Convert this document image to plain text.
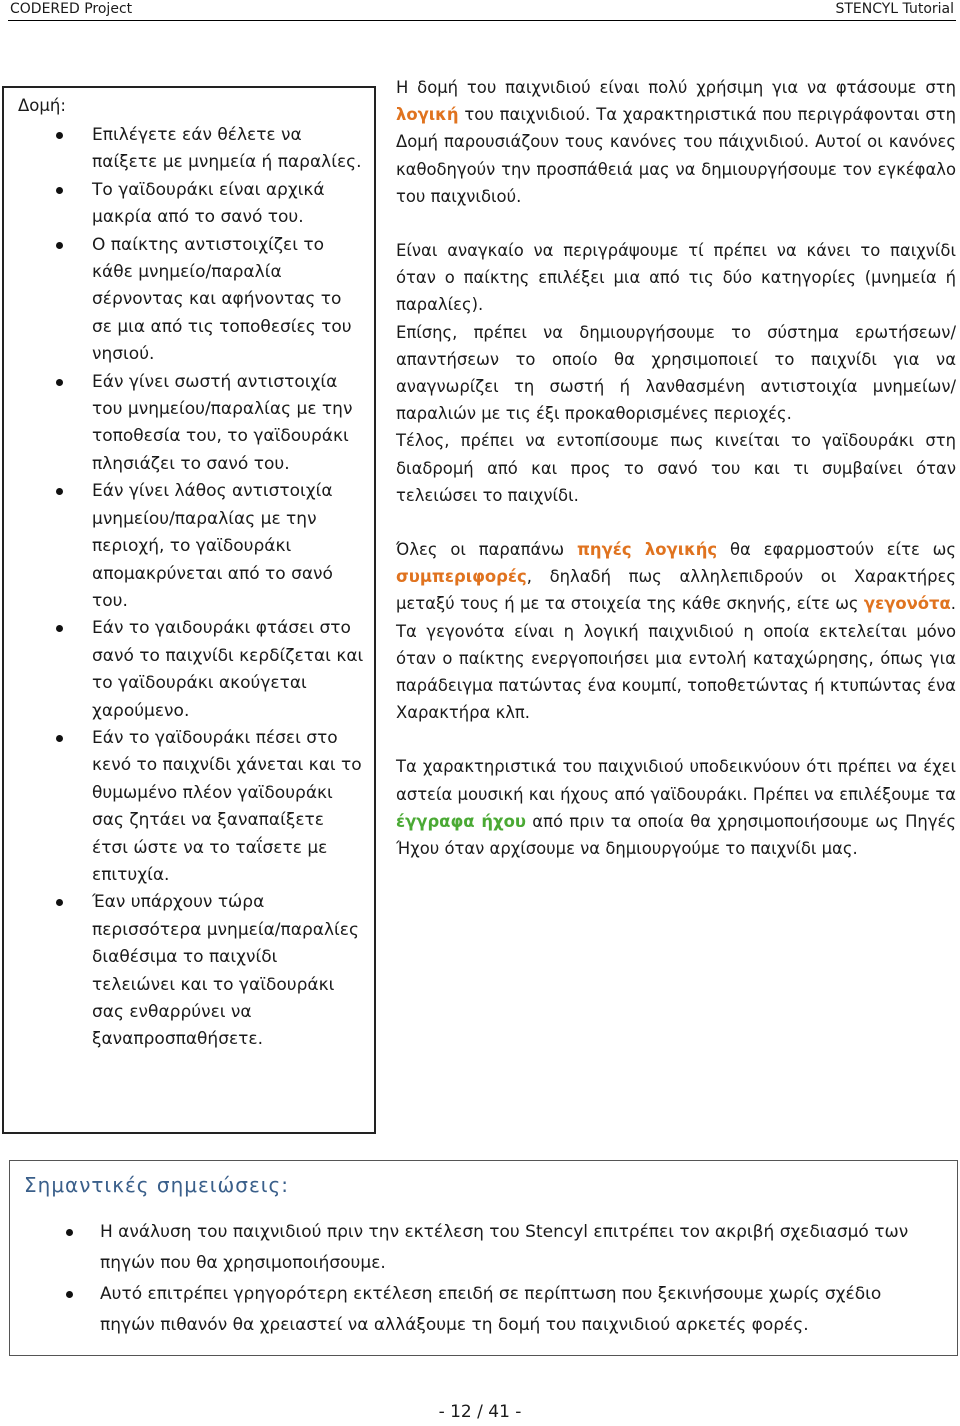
CODERED Project	STENCYL Tutorial
Δομή:
Επιλέγετε εάν θέλετε να παίξετε με μνημεία ή παραλίες.
Το γαϊδουράκι είναι αρχικά μακρία από το σανό του.
Ο παίκτης αντιστοιχίζει το κάθε μνημείο/παραλία σέρνοντας και αφήνοντας το σε μια από τις τοποθεσίες του νησιού.
Εάν γίνει σωστή αντιστοιχία του μνημείου/παραλίας με την τοποθεσία του, το γαϊδουράκι πλησιάζει το σανό του.
Εάν γίνει λάθος αντιστοιχία μνημείου/παραλίας με την περιοχή, το γαϊδουράκι απομακρύνεται από το σανό του.
Εάν το γαιδουράκι φτάσει στο σανό το παιχνίδι κερδίζεται και το γαϊδουράκι ακούγεται χαρούμενο.
Εάν το γαϊδουράκι πέσει στο κενό το παιχνίδι χάνεται και το θυμωμένο πλέον γαϊδουράκι σας ζητάει να ξαναπαίξετε έτσι ώστε να το ταΐσετε με επιτυχία.
Έαν υπάρχουν τώρα περισσότερα μνημεία/παραλίες διαθέσιμα το παιχνίδι τελειώνει και το γαϊδουράκι σας ενθαρρύνει να ξαναπροσπαθήσετε.

Η δομή του παιχνιδιού είναι πολύ χρήσιμη για να φτάσουμε στη λογική του παιχνιδιού. Τα χαρακτηριστικά που περιγράφονται στη Δομή παρουσιάζουν τους κανόνες του πάιχνιδιού. Αυτοί οι κανόνες καθοδηγούν την προσπάθειά μας να δημιουργήσουμε τον εγκέφαλο του παιχνιδιού.

Είναι αναγκαίο να περιγράψουμε τί πρέπει να κάνει το παιχνίδι όταν ο παίκτης επιλέξει μια από τις δύο κατηγορίες (μνημεία ή παραλίες).

Επίσης, πρέπει να δημιουργήσουμε το σύστημα ερωτήσεων/απαντήσεων το οποίο θα χρησιμοποιεί το παιχνίδι για να αναγνωρίζει τη σωστή ή λανθασμένη αντιστοιχία μνημείων/παραλιών με τις έξι προκαθορισμένες περιοχές.

Τέλος, πρέπει να εντοπίσουμε πως κινείται το γαϊδουράκι στη διαδρομή από και προς το σανό του και τι συμβαίνει όταν τελειώσει το παιχνίδι.

Όλες οι παραπάνω πηγές λογικής θα εφαρμοστούν είτε ως συμπεριφορές, δηλαδή πως αλληλεπιδρούν οι Χαρακτήρες μεταξύ τους ή με τα στοιχεία της κάθε σκηνής, είτε ως γεγονότα. Τα γεγονότα είναι η λογική παιχνιδιού η οποία εκτελείται μόνο όταν ο παίκτης ενεργοποιήσει μια εντολή καταχώρησης, όπως για παράδειγμα πατώντας ένα κουμπί, τοποθετώντας ή κτυπώντας ένα Χαρακτήρα κλπ.

Τα χαρακτηριστικά του παιχνιδιού υποδεικνύουν ότι πρέπει να έχει αστεία μουσική και ήχους από γαϊδουράκι. Πρέπει να επιλέξουμε τα έγγραφα ήχου από πριν τα οποία θα χρησιμοποιήσουμε ως Πηγές Ήχου όταν αρχίσουμε να δημιουργούμε το παιχνίδι μας.

Σημαντικές σημειώσεις:
Η ανάλυση του παιχνιδιού πριν την εκτέλεση του Stencyl επιτρέπει τον ακριβή σχεδιασμό των πηγών που θα χρησιμοποιήσουμε.
Αυτό επιτρέπει γρηγορότερη εκτέλεση επειδή σε περίπτωση που ξεκινήσουμε χωρίς σχέδιο πηγών πιθανόν θα χρειαστεί να αλλάξουμε τη δομή του παιχνιδιού αρκετές φορές.
- 12 / 41 -
